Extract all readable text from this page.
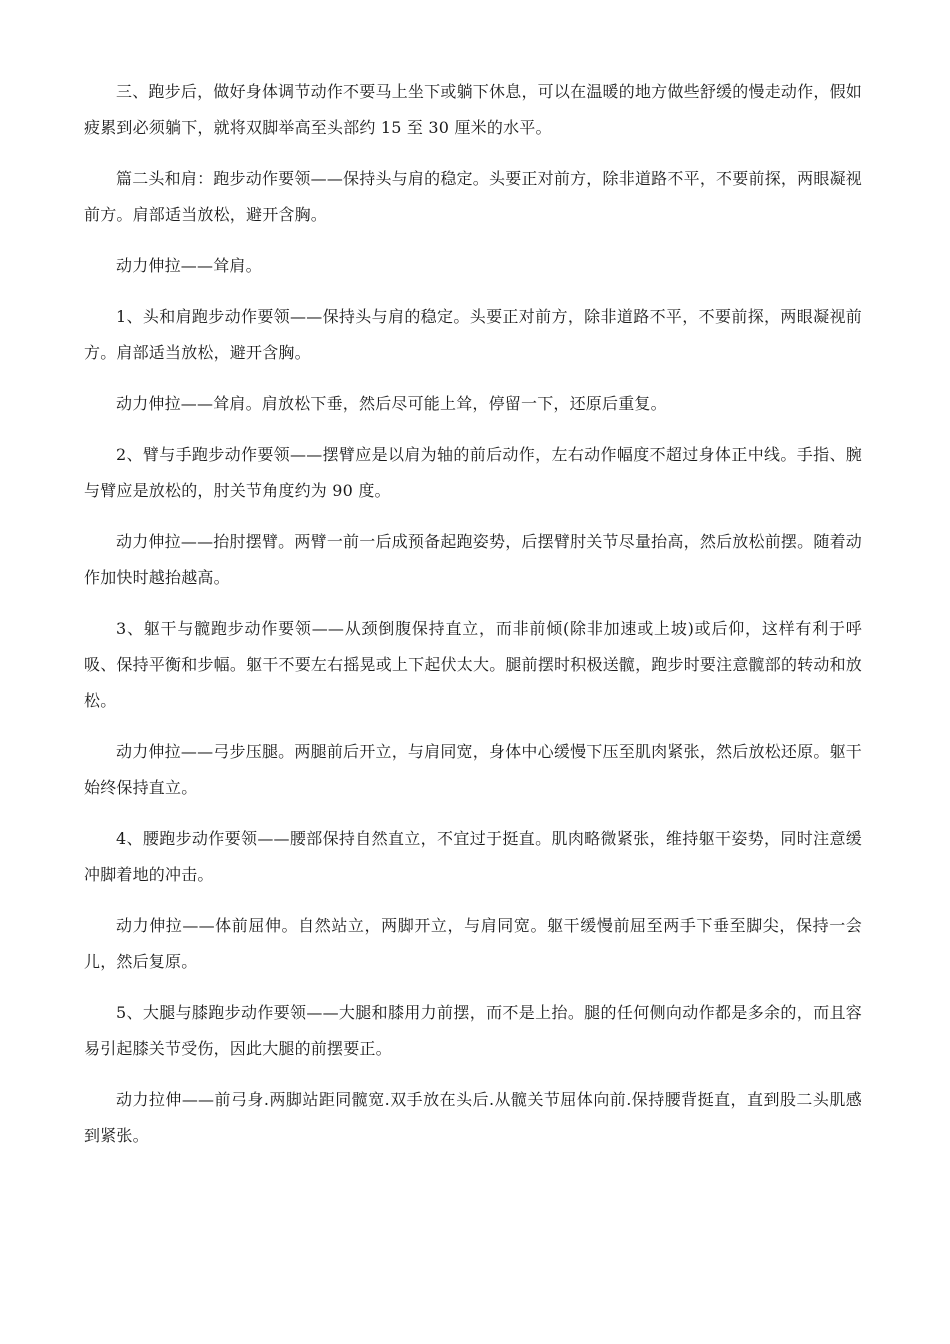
三、跑步后，做好身体调节动作不要马上坐下或躺下休息，可以在温暖的地方做些舒缓的慢走动作，假如疲累到必须躺下，就将双脚举高至头部约 15 至 30 厘米的水平。

篇二头和肩：跑步动作要领——保持头与肩的稳定。头要正对前方，除非道路不平，不要前探，两眼凝视前方。肩部适当放松，避开含胸。

动力伸拉——耸肩。

1、头和肩跑步动作要领——保持头与肩的稳定。头要正对前方，除非道路不平，不要前探，两眼凝视前方。肩部适当放松，避开含胸。

动力伸拉——耸肩。肩放松下垂，然后尽可能上耸，停留一下，还原后重复。

2、臂与手跑步动作要领——摆臂应是以肩为轴的前后动作，左右动作幅度不超过身体正中线。手指、腕与臂应是放松的，肘关节角度约为 90 度。

动力伸拉——抬肘摆臂。两臂一前一后成预备起跑姿势，后摆臂肘关节尽量抬高，然后放松前摆。随着动作加快时越抬越高。

3、躯干与髋跑步动作要领——从颈倒腹保持直立，而非前倾(除非加速或上坡)或后仰，这样有利于呼吸、保持平衡和步幅。躯干不要左右摇晃或上下起伏太大。腿前摆时积极送髋，跑步时要注意髋部的转动和放松。

动力伸拉——弓步压腿。两腿前后开立，与肩同宽，身体中心缓慢下压至肌肉紧张，然后放松还原。躯干始终保持直立。

4、腰跑步动作要领——腰部保持自然直立，不宜过于挺直。肌肉略微紧张，维持躯干姿势，同时注意缓冲脚着地的冲击。

动力伸拉——体前屈伸。自然站立，两脚开立，与肩同宽。躯干缓慢前屈至两手下垂至脚尖，保持一会儿，然后复原。

5、大腿与膝跑步动作要领——大腿和膝用力前摆，而不是上抬。腿的任何侧向动作都是多余的，而且容易引起膝关节受伤，因此大腿的前摆要正。

动力拉伸——前弓身.两脚站距同髋宽.双手放在头后.从髋关节屈体向前.保持腰背挺直，直到股二头肌感到紧张。
